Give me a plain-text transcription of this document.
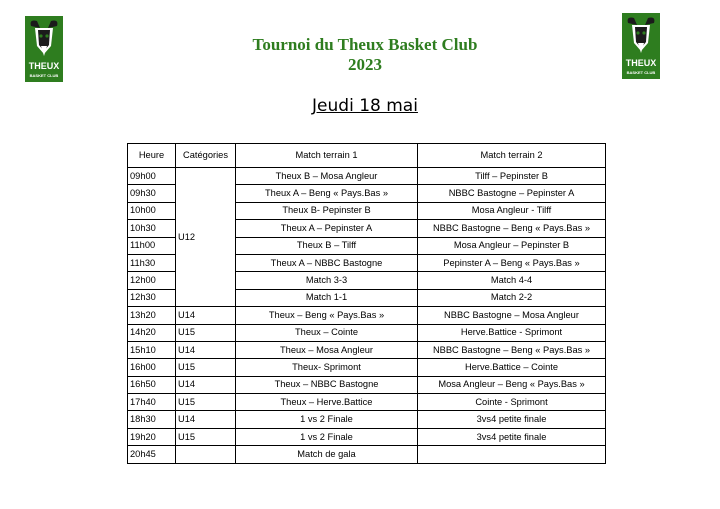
THEUX
BASKET CLUB
THEUX
BASKET CLUB
Tournoi du Theux Basket Club
2023
Jeudi 18 mai
Heure	Catégories	Match terrain 1	Match terrain 2
09h00	U12	Theux B – Mosa Angleur	Tilff – Pepinster B
09h30		Theux A – Beng « Pays.Bas »	NBBC Bastogne – Pepinster A
10h00		Theux B- Pepinster B	Mosa Angleur - Tilff
10h30		Theux A – Pepinster A	NBBC Bastogne – Beng « Pays.Bas »
11h00		Theux B – Tilff	Mosa Angleur – Pepinster B
11h30		Theux A – NBBC Bastogne	Pepinster A – Beng « Pays.Bas »
12h00		Match 3-3	Match 4-4
12h30		Match 1-1	Match 2-2
13h20	U14	Theux – Beng « Pays.Bas »	NBBC Bastogne – Mosa Angleur
14h20	U15	Theux – Cointe	Herve.Battice - Sprimont
15h10	U14	Theux – Mosa Angleur	NBBC Bastogne – Beng « Pays.Bas »
16h00	U15	Theux- Sprimont	Herve.Battice – Cointe
16h50	U14	Theux – NBBC Bastogne	Mosa Angleur – Beng « Pays.Bas »
17h40	U15	Theux – Herve.Battice	Cointe - Sprimont
18h30	U14	1 vs 2 Finale	3vs4 petite finale
19h20	U15	1 vs 2 Finale	3vs4 petite finale
20h45		Match de gala	
